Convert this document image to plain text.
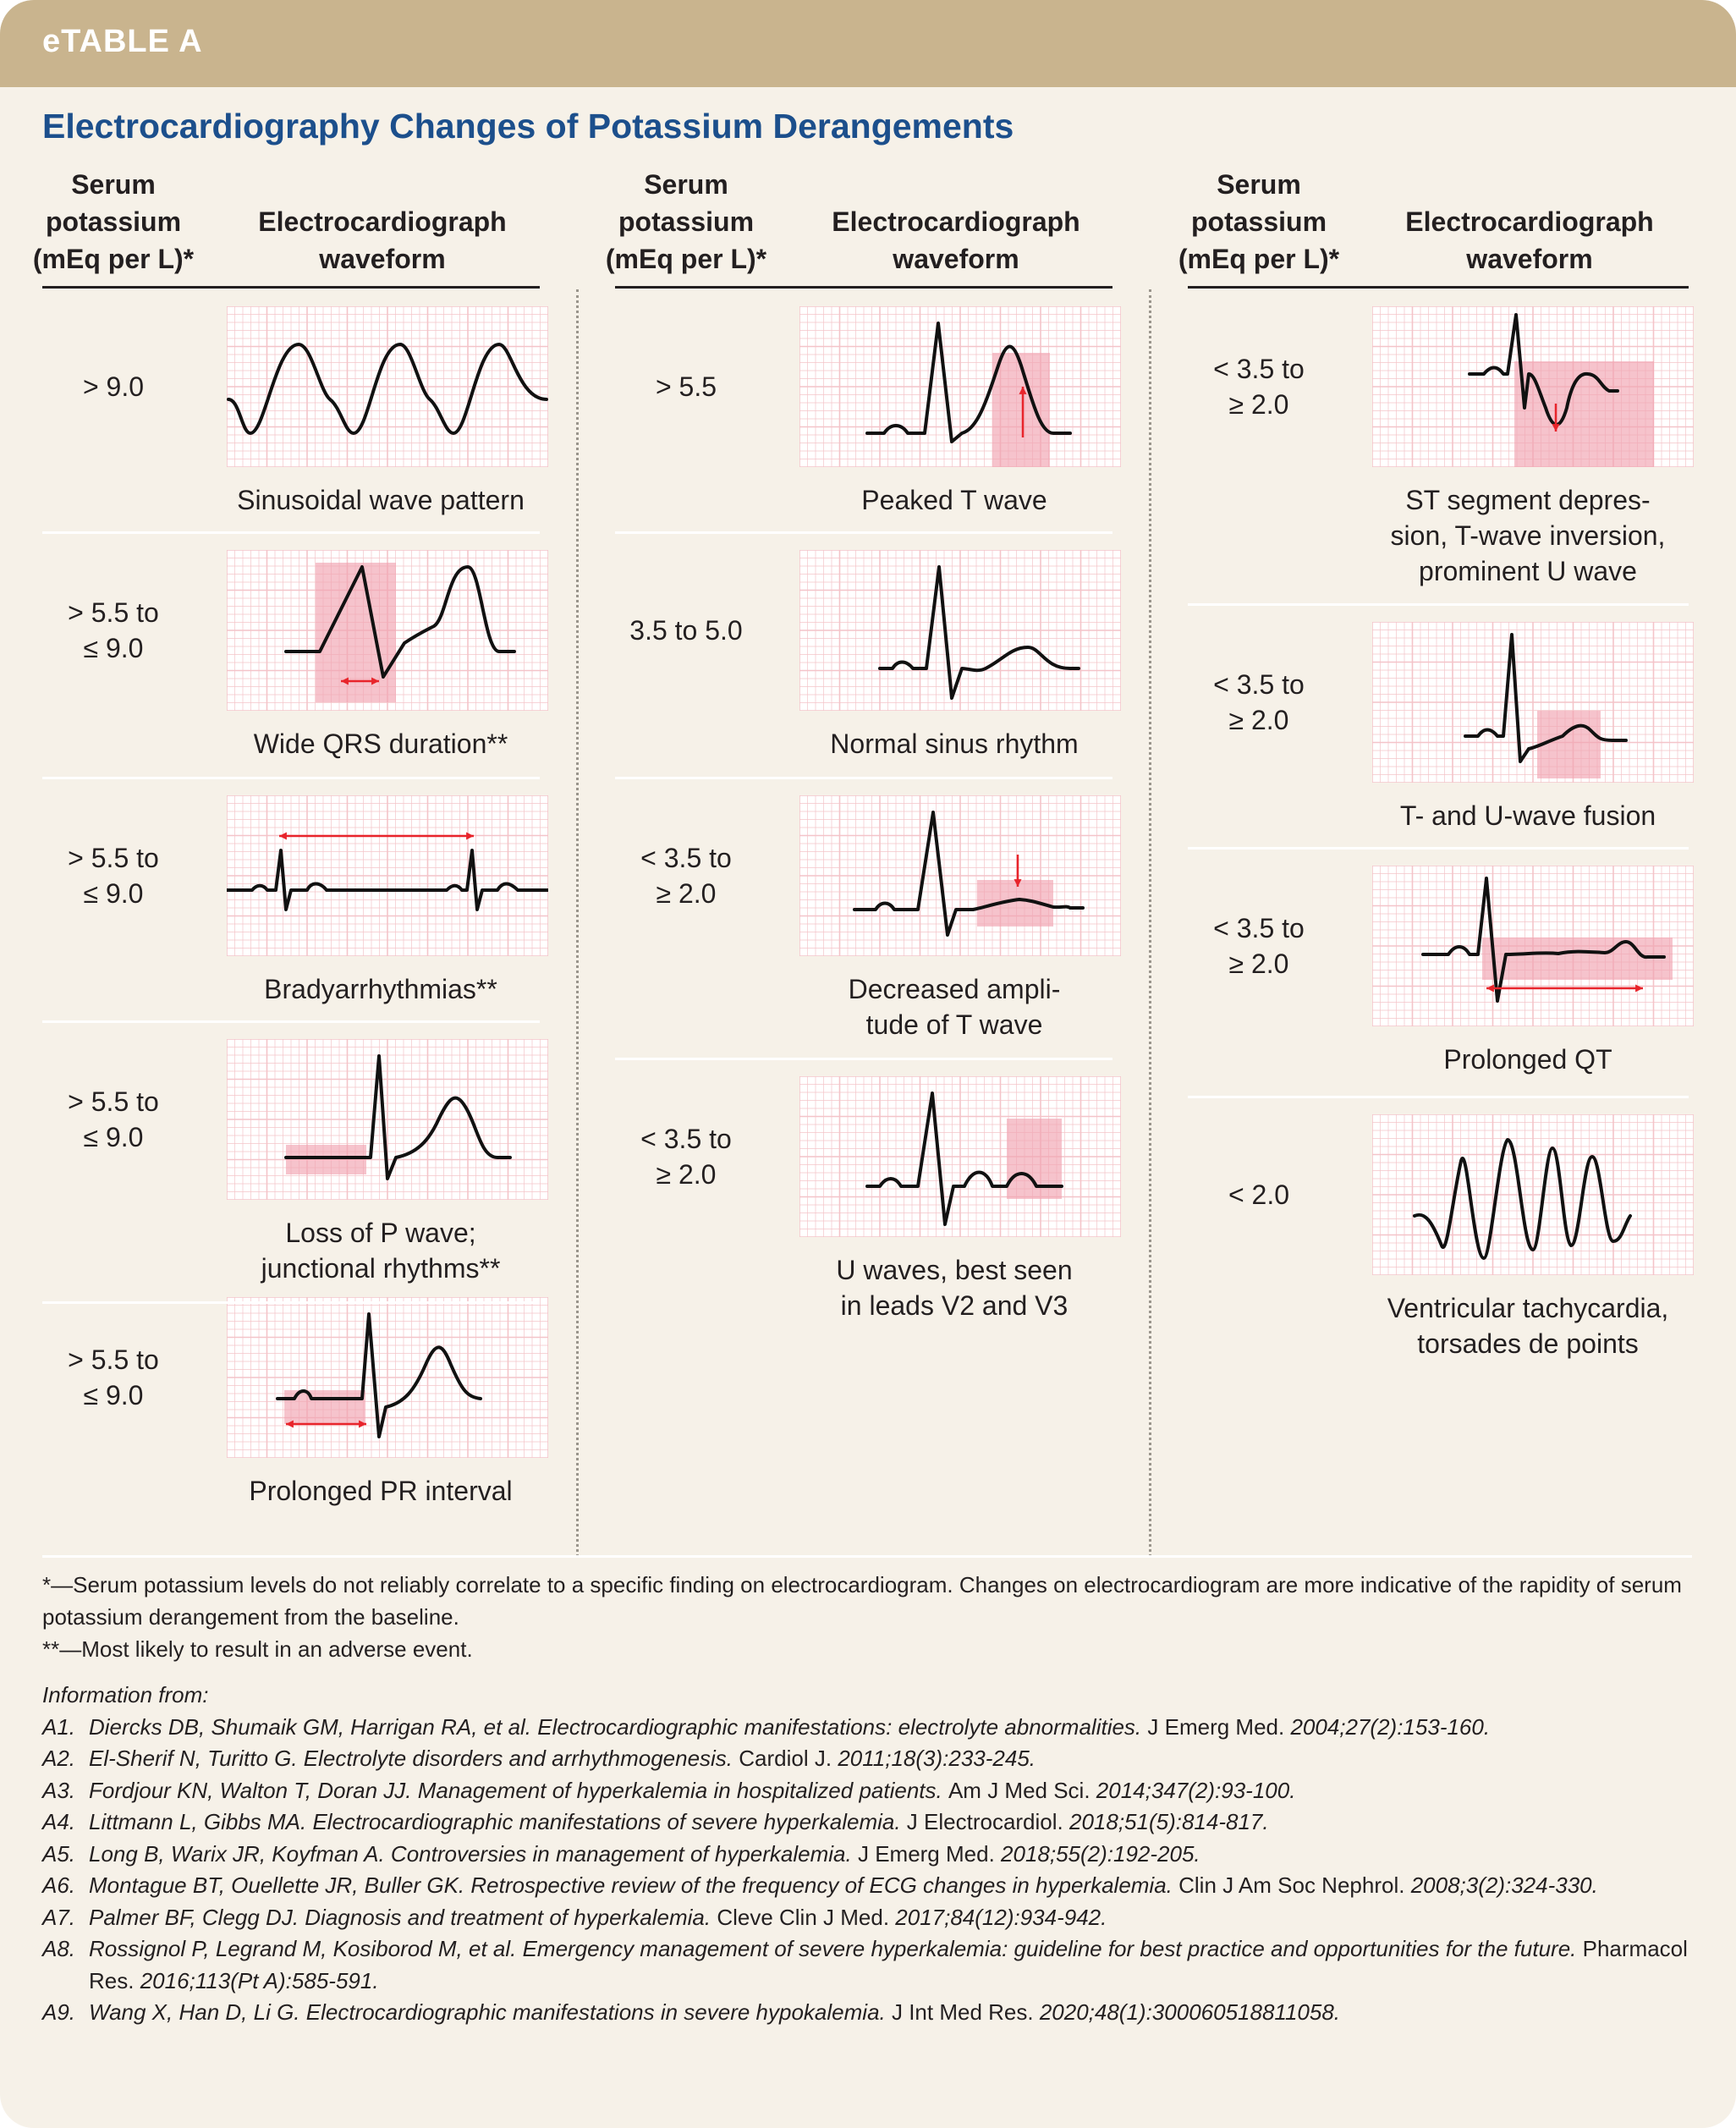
eTABLE A
Electrocardiography Changes of Potassium Derangements
Serum
potassium
(mEq per L)*
Electrocardiograph
waveform
Serum
potassium
(mEq per L)*
Electrocardiograph
waveform
Serum
potassium
(mEq per L)*
Electrocardiograph
waveform
> 9.0
Sinusoidal wave pattern
> 5.5 to
≤ 9.0
Wide QRS duration**
> 5.5 to
≤ 9.0
Bradyarrhythmias**
> 5.5 to
≤ 9.0
Loss of P wave;
junctional rhythms**
> 5.5 to
≤ 9.0
Prolonged PR interval
> 5.5
Peaked T wave
3.5 to 5.0
Normal sinus rhythm
< 3.5 to
≥ 2.0
Decreased ampli-
tude of T wave
< 3.5 to
≥ 2.0
U waves, best seen
in leads V2 and V3
< 3.5 to
≥ 2.0
ST segment depres-
sion, T-wave inversion,
prominent U wave
< 3.5 to
≥ 2.0
T- and U-wave fusion
< 3.5 to
≥ 2.0
Prolonged QT
< 2.0
Ventricular tachycardia,
torsades de points

*—Serum potassium levels do not reliably correlate to a specific finding on electrocardiogram. Changes on electrocardiogram are more indicative of the rapidity of serum potassium derangement from the baseline.

**—Most likely to result in an adverse event.

Information from:

A1. Diercks DB, Shumaik GM, Harrigan RA, et al. Electrocardiographic manifestations: electrolyte abnormalities. J Emerg Med. 2004;27(2):153-160.
A2. El-Sherif N, Turitto G. Electrolyte disorders and arrhythmogenesis. Cardiol J. 2011;18(3):233-245.
A3. Fordjour KN, Walton T, Doran JJ. Management of hyperkalemia in hospitalized patients. Am J Med Sci. 2014;347(2):93-100.
A4. Littmann L, Gibbs MA. Electrocardiographic manifestations of severe hyperkalemia. J Electrocardiol. 2018;51(5):814-817.
A5. Long B, Warix JR, Koyfman A. Controversies in management of hyperkalemia. J Emerg Med. 2018;55(2):192-205.
A6. Montague BT, Ouellette JR, Buller GK. Retrospective review of the frequency of ECG changes in hyperkalemia. Clin J Am Soc Nephrol. 2008;3(2):324-330.
A7. Palmer BF, Clegg DJ. Diagnosis and treatment of hyperkalemia. Cleve Clin J Med. 2017;84(12):934-942.
A8. Rossignol P, Legrand M, Kosiborod M, et al. Emergency management of severe hyperkalemia: guideline for best practice and opportunities for the future. Pharmacol Res. 2016;113(Pt A):585-591.
A9. Wang X, Han D, Li G. Electrocardiographic manifestations in severe hypokalemia. J Int Med Res. 2020;48(1):300060518811058.
